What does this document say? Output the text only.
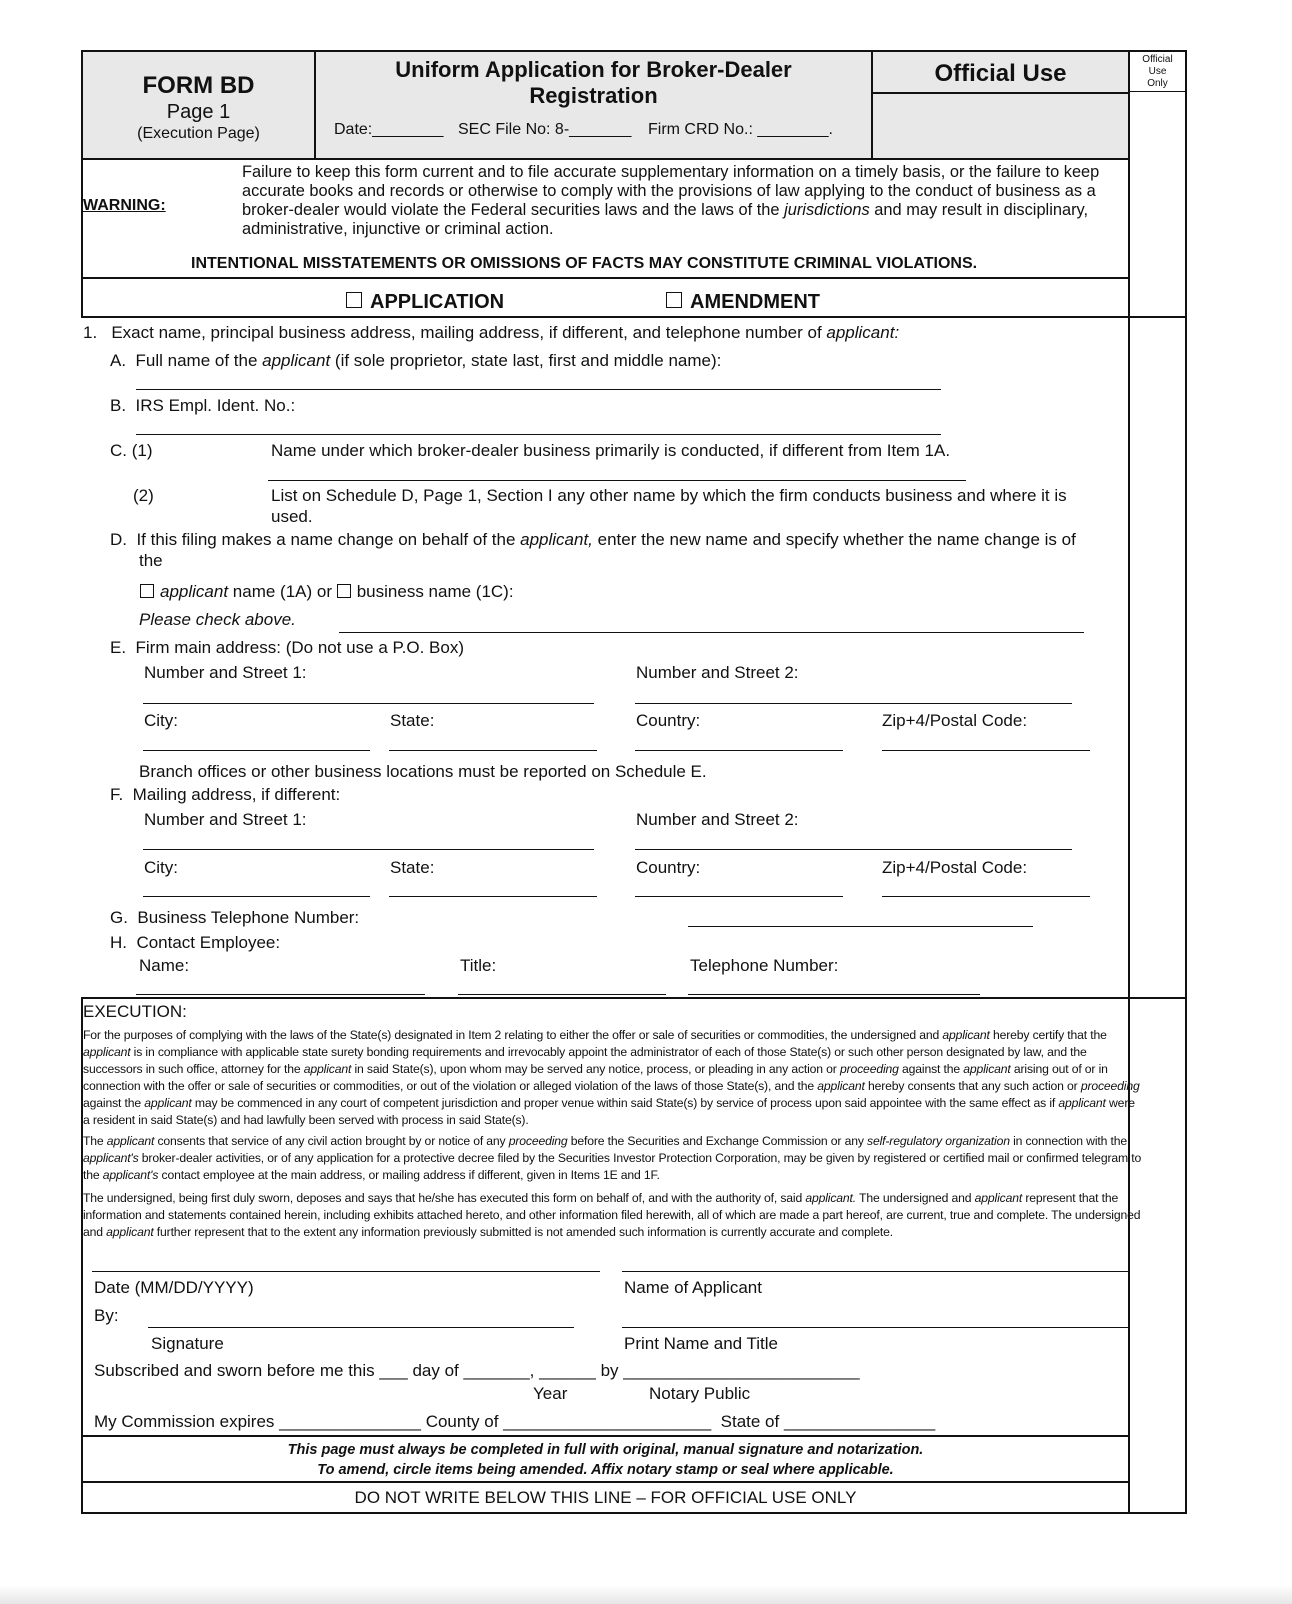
FORM BD
Page 1
(Execution Page)
Uniform Application for Broker-Dealer
Registration
Date:________ SEC File No: 8-_______ Firm CRD No.: ________.
Official Use
Official
Use
Only
WARNING:
Failure to keep this form current and to file accurate supplementary information on a timely basis, or the failure to keep
accurate books and records or otherwise to comply with the provisions of law applying to the conduct of business as a
broker-dealer would violate the Federal securities laws and the laws of the jurisdictions and may result in disciplinary,
administrative, injunctive or criminal action.
INTENTIONAL MISSTATEMENTS OR OMISSIONS OF FACTS MAY CONSTITUTE CRIMINAL VIOLATIONS.
APPLICATION	AMENDMENT
1.   Exact name, principal business address, mailing address, if different, and telephone number of applicant:
A.  Full name of the applicant (if sole proprietor, state last, first and middle name):
B.  IRS Empl. Ident. No.:
C. (1)	Name under which broker-dealer business primarily is conducted, if different from Item 1A.
(2)	List on Schedule D, Page 1, Section I any other name by which the firm conducts business and where it is
used.
D.  If this filing makes a name change on behalf of the applicant, enter the new name and specify whether the name change is of
the
applicant name (1A) or business name (1C):
Please check above.
E.  Firm main address: (Do not use a P.O. Box)
Number and Street 1:	Number and Street 2:
City:	State:	Country:	Zip+4/Postal Code:
Branch offices or other business locations must be reported on Schedule E.
F.  Mailing address, if different:
Number and Street 1:	Number and Street 2:
City:	State:	Country:	Zip+4/Postal Code:
G.  Business Telephone Number:
H.  Contact Employee:
Name:	Title:	Telephone Number:
EXECUTION:
For the purposes of complying with the laws of the State(s) designated in Item 2 relating to either the offer or sale of securities or commodities, the undersigned and applicant hereby certify that the applicant is in compliance with applicable state surety bonding requirements and irrevocably appoint the administrator of each of those State(s) or such other person designated by law, and the successors in such office, attorney for the applicant in said State(s), upon whom may be served any notice, process, or pleading in any action or proceeding against the applicant arising out of or in connection with the offer or sale of securities or commodities, or out of the violation or alleged violation of the laws of those State(s), and the applicant hereby consents that any such action or proceeding against the applicant may be commenced in any court of competent jurisdiction and proper venue within said State(s) by service of process upon said appointee with the same effect as if applicant were a resident in said State(s) and had lawfully been served with process in said State(s).
The applicant consents that service of any civil action brought by or notice of any proceeding before the Securities and Exchange Commission or any self-regulatory organization in connection with the applicant's broker-dealer activities, or of any application for a protective decree filed by the Securities Investor Protection Corporation, may be given by registered or certified mail or confirmed telegram to the applicant's contact employee at the main address, or mailing address if different, given in Items 1E and 1F.
The undersigned, being first duly sworn, deposes and says that he/she has executed this form on behalf of, and with the authority of, said applicant. The undersigned and applicant represent that the information and statements contained herein, including exhibits attached hereto, and other information filed herewith, all of which are made a part hereof, are current, true and complete. The undersigned and applicant further represent that to the extent any information previously submitted is not amended such information is currently accurate and complete.
Date (MM/DD/YYYY)	Name of Applicant
By:
Signature	Print Name and Title
Subscribed and sworn before me this ___ day of _______, ______ by _________________________
Year	Notary Public
My Commission expires _______________ County of ______________________  State of ________________
This page must always be completed in full with original, manual signature and notarization.
To amend, circle items being amended. Affix notary stamp or seal where applicable.
DO NOT WRITE BELOW THIS LINE – FOR OFFICIAL USE ONLY
